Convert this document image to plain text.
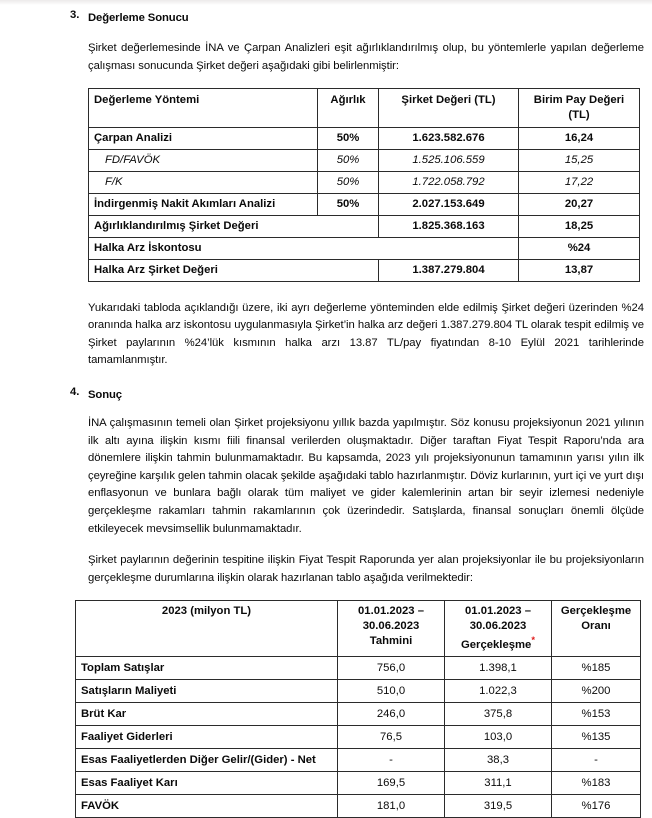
3. Değerleme Sonucu

Şirket değerlemesinde İNA ve Çarpan Analizleri eşit ağırlıklandırılmış olup, bu yöntemlerle yapılan değerleme çalışması sonucunda Şirket değeri aşağıdaki gibi belirlenmiştir:

Değerleme Yöntemi	Ağırlık	Şirket Değeri (TL)	Birim Pay Değeri
(TL)
Çarpan Analizi	50%	1.623.582.676	16,24
FD/FAVÖK	50%	1.525.106.559	15,25
F/K	50%	1.722.058.792	17,22
İndirgenmiş Nakit Akımları Analizi	50%	2.027.153.649	20,27
Ağırlıklandırılmış Şirket Değeri		1.825.368.163	18,25
Halka Arz İskontosu			%24
Halka Arz Şirket Değeri		1.387.279.804	13,87

Yukarıdaki tabloda açıklandığı üzere, iki ayrı değerleme yönteminden elde edilmiş Şirket değeri üzerinden %24 oranında halka arz iskontosu uygulanmasıyla Şirket’in halka arz değeri 1.387.279.804 TL olarak tespit edilmiş ve Şirket paylarının %24’lük kısmının halka arzı 13.87 TL/pay fiyatından 8-10 Eylül 2021 tarihlerinde tamamlanmıştır.

4. Sonuç

İNA çalışmasının temeli olan Şirket projeksiyonu yıllık bazda yapılmıştır. Söz konusu projeksiyonun 2021 yılının ilk altı ayına ilişkin kısmı fiili finansal verilerden oluşmaktadır. Diğer taraftan Fiyat Tespit Raporu’nda ara dönemlere ilişkin tahmin bulunmamaktadır. Bu kapsamda, 2023 yılı projeksiyonunun tamamının yarısı yılın ilk çeyreğine karşılık gelen tahmin olacak şekilde aşağıdaki tablo hazırlanmıştır. Döviz kurlarının, yurt içi ve yurt dışı enflasyonun ve bunlara bağlı olarak tüm maliyet ve gider kalemlerinin artan bir seyir izlemesi nedeniyle gerçekleşme rakamları tahmin rakamlarının çok üzerindedir. Satışlarda, finansal sonuçları önemli ölçüde etkileyecek mevsimsellik bulunmamaktadır.

Şirket paylarının değerinin tespitine ilişkin Fiyat Tespit Raporunda yer alan projeksiyonlar ile bu projeksiyonların gerçekleşme durumlarına ilişkin olarak hazırlanan tablo aşağıda verilmektedir:

2023 (milyon TL)	01.01.2023 –
30.06.2023
Tahmini	01.01.2023 –
30.06.2023
Gerçekleşme*	Gerçekleşme
Oranı
Toplam Satışlar	756,0	1.398,1	%185
Satışların Maliyeti	510,0	1.022,3	%200
Brüt Kar	246,0	375,8	%153
Faaliyet Giderleri	76,5	103,0	%135
Esas Faaliyetlerden Diğer Gelir/(Gider) - Net	-	38,3	-
Esas Faaliyet Karı	169,5	311,1	%183
FAVÖK	181,0	319,5	%176
